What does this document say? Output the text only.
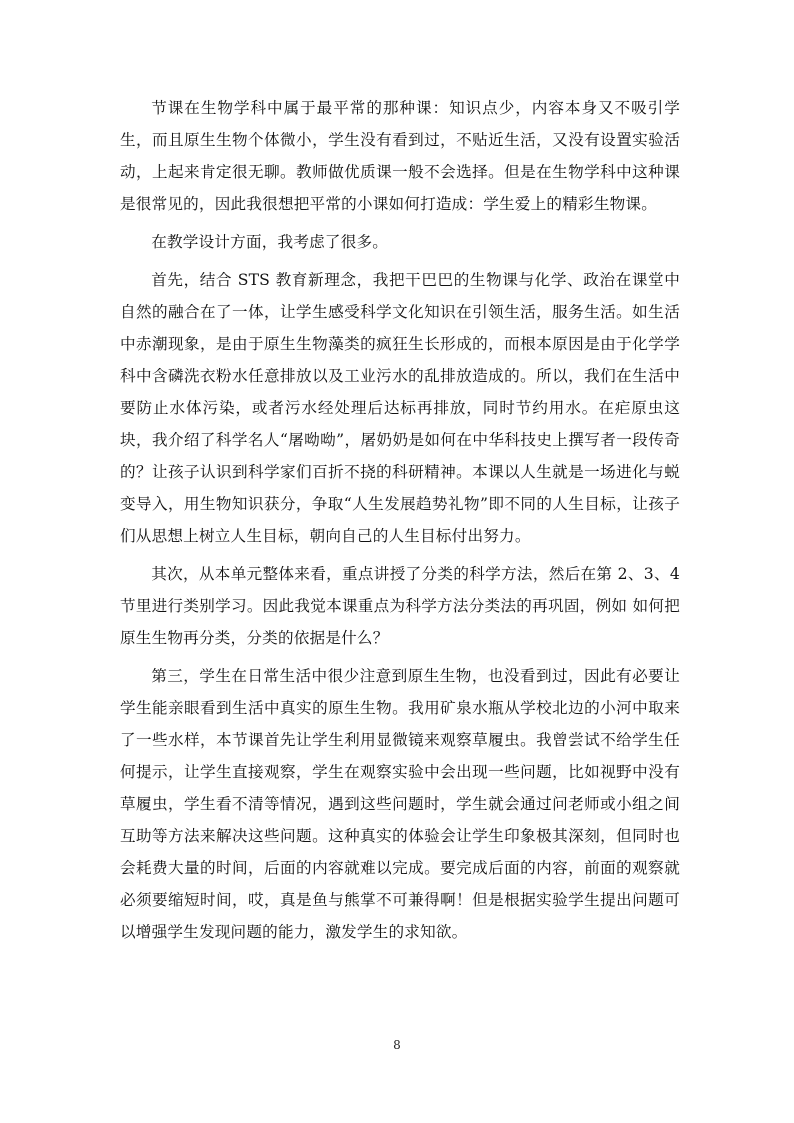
节课在生物学科中属于最平常的那种课：知识点少，内容本身又不吸引学生，而且原生生物个体微小，学生没有看到过，不贴近生活，又没有设置实验活动，上起来肯定很无聊。教师做优质课一般不会选择。但是在生物学科中这种课是很常见的，因此我很想把平常的小课如何打造成：学生爱上的精彩生物课。

在教学设计方面，我考虑了很多。

首先，结合 STS 教育新理念，我把干巴巴的生物课与化学、政治在课堂中自然的融合在了一体，让学生感受科学文化知识在引领生活，服务生活。如生活中赤潮现象，是由于原生生物藻类的疯狂生长形成的，而根本原因是由于化学学科中含磷洗衣粉水任意排放以及工业污水的乱排放造成的。所以，我们在生活中要防止水体污染，或者污水经处理后达标再排放，同时节约用水。在疟原虫这块，我介绍了科学名人“屠呦呦”，屠奶奶是如何在中华科技史上撰写者一段传奇的？让孩子认识到科学家们百折不挠的科研精神。本课以人生就是一场进化与蜕变导入，用生物知识获分，争取“人生发展趋势礼物”即不同的人生目标，让孩子们从思想上树立人生目标，朝向自己的人生目标付出努力。

其次，从本单元整体来看，重点讲授了分类的科学方法，然后在第 2、3、4 节里进行类别学习。因此我觉本课重点为科学方法分类法的再巩固，例如 如何把原生生物再分类，分类的依据是什么？

第三，学生在日常生活中很少注意到原生生物，也没看到过，因此有必要让学生能亲眼看到生活中真实的原生生物。我用矿泉水瓶从学校北边的小河中取来了一些水样，本节课首先让学生利用显微镜来观察草履虫。我曾尝试不给学生任何提示，让学生直接观察，学生在观察实验中会出现一些问题，比如视野中没有草履虫，学生看不清等情况，遇到这些问题时，学生就会通过问老师或小组之间互助等方法来解决这些问题。这种真实的体验会让学生印象极其深刻，但同时也会耗费大量的时间，后面的内容就难以完成。要完成后面的内容，前面的观察就必须要缩短时间，哎，真是鱼与熊掌不可兼得啊！但是根据实验学生提出问题可以增强学生发现问题的能力，激发学生的求知欲。

8
